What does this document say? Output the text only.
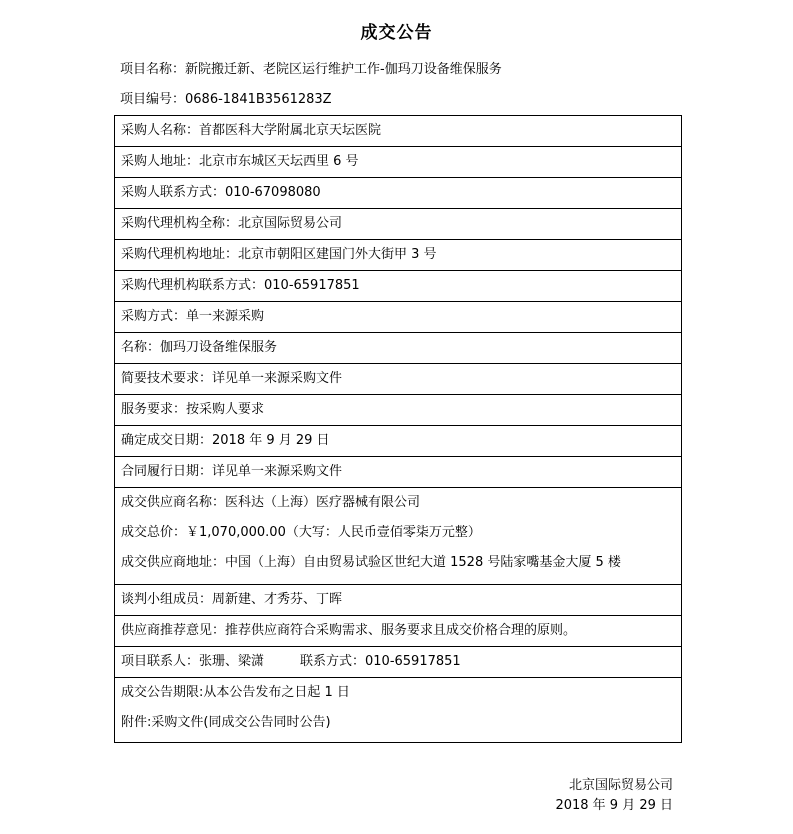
成交公告
项目名称：新院搬迁新、老院区运行维护工作-伽玛刀设备维保服务
项目编号：0686-1841B3561283Z
采购人名称：首都医科大学附属北京天坛医院

采购人地址：北京市东城区天坛西里 6 号

采购人联系方式：010-67098080

采购代理机构全称：北京国际贸易公司

采购代理机构地址：北京市朝阳区建国门外大街甲 3 号

采购代理机构联系方式：010-65917851

采购方式：单一来源采购

名称：伽玛刀设备维保服务

简要技术要求：详见单一来源采购文件

服务要求：按采购人要求

确定成交日期：2018 年 9 月 29 日

合同履行日期：详见单一来源采购文件

成交供应商名称：医科达（上海）医疗器械有限公司
成交总价：￥1,070,000.00（大写：人民币壹佰零柒万元整）
成交供应商地址：中国（上海）自由贸易试验区世纪大道 1528 号陆家嘴基金大厦 5 楼

谈判小组成员：周新建、才秀芬、丁晖

供应商推荐意见：推荐供应商符合采购需求、服务要求且成交价格合理的原则。

项目联系人：张珊、梁潇	联系方式：010-65917851

成交公告期限:从本公告发布之日起 1 日
附件:采购文件(同成交公告同时公告)
北京国际贸易公司
2018 年 9 月 29 日
